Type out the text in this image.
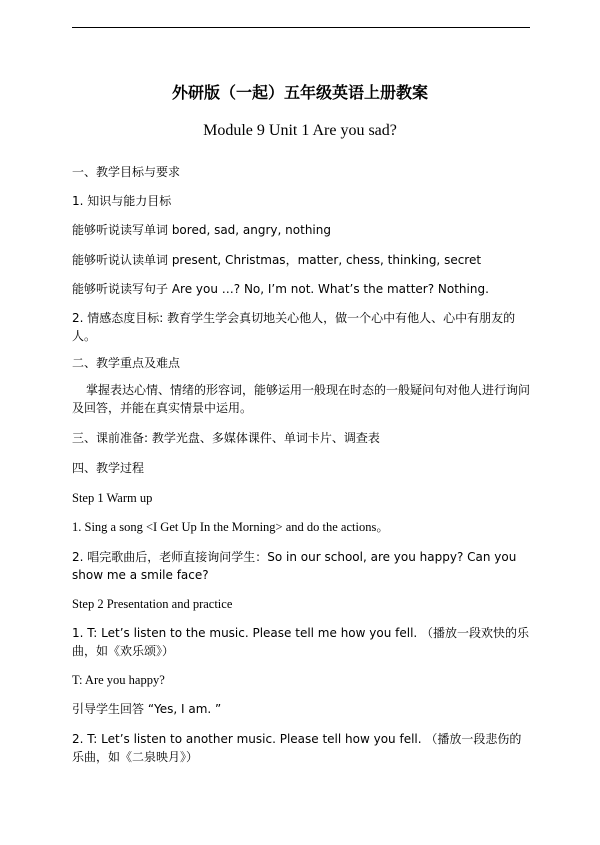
外研版（一起）五年级英语上册教案
Module 9 Unit 1 Are you sad?
一、教学目标与要求
1. 知识与能力目标
能够听说读写单词 bored, sad, angry, nothing
能够听说认读单词 present, Christmas，matter, chess, thinking, secret
能够听说读写句子 Are you …? No, I’m not. What’s the matter? Nothing.
2. 情感态度目标: 教育学生学会真切地关心他人，做一个心中有他人、心中有朋友的人。
二、教学重点及难点
掌握表达心情、情绪的形容词，能够运用一般现在时态的一般疑问句对他人进行询问及回答，并能在真实情景中运用。
三、课前准备: 教学光盘、多媒体课件、单词卡片、调查表
四、教学过程
Step 1 Warm up
1. Sing a song <I Get Up In the Morning> and do the actions。
2. 唱完歌曲后，老师直接询问学生：So in our school, are you happy? Can you show me a smile face?
Step 2 Presentation and practice
1. T: Let’s listen to the music. Please tell me how you fell. （播放一段欢快的乐曲，如《欢乐颂》）
T: Are you happy?
引导学生回答 “Yes, I am. ”
2. T: Let’s listen to another music. Please tell how you fell. （播放一段悲伤的乐曲，如《二泉映月》）
